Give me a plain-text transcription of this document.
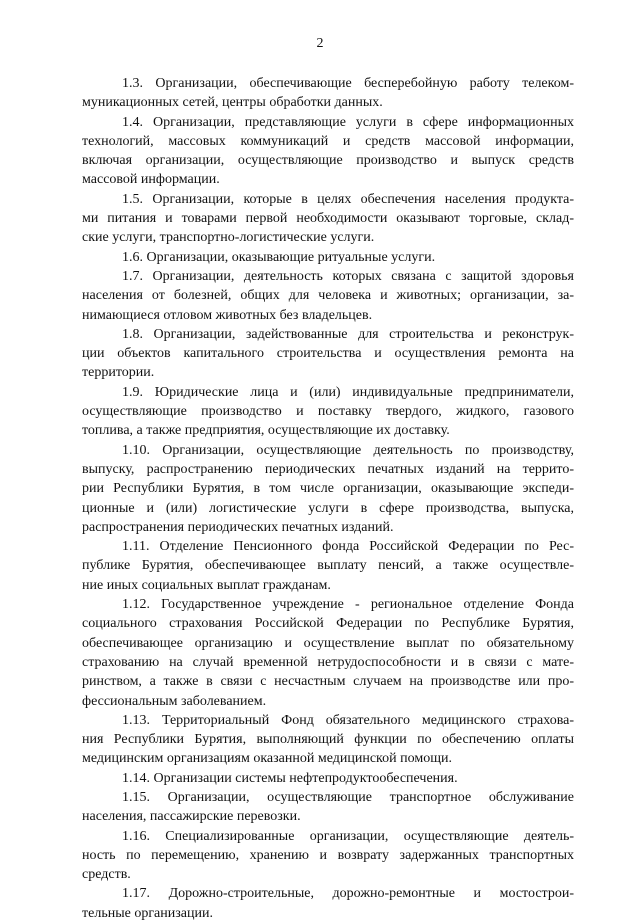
2
1.3. Организации, обеспечивающие бесперебойную работу телеком-
муникационных сетей, центры обработки данных.
1.4. Организации, представляющие услуги в сфере информационных
технологий, массовых коммуникаций и средств массовой информации,
включая организации, осуществляющие производство и выпуск средств
массовой информации.
1.5. Организации, которые в целях обеспечения населения продукта-
ми питания и товарами первой необходимости оказывают торговые, склад-
ские услуги, транспортно-логистические услуги.
1.6. Организации, оказывающие ритуальные услуги.
1.7. Организации, деятельность которых связана с защитой здоровья
населения от болезней, общих для человека и животных; организации, за-
нимающиеся отловом животных без владельцев.
1.8. Организации, задействованные для строительства и реконструк-
ции объектов капитального строительства и осуществления ремонта на
территории.
1.9. Юридические лица и (или) индивидуальные предприниматели,
осуществляющие производство и поставку твердого, жидкого, газового
топлива, а также предприятия, осуществляющие их доставку.
1.10. Организации, осуществляющие деятельность по производству,
выпуску, распространению периодических печатных изданий на террито-
рии Республики Бурятия, в том числе организации, оказывающие экспеди-
ционные и (или) логистические услуги в сфере производства, выпуска,
распространения периодических печатных изданий.
1.11. Отделение Пенсионного фонда Российской Федерации по Рес-
публике Бурятия, обеспечивающее выплату пенсий, а также осуществле-
ние иных социальных выплат гражданам.
1.12. Государственное учреждение - региональное отделение Фонда
социального страхования Российской Федерации по Республике Бурятия,
обеспечивающее организацию и осуществление выплат по обязательному
страхованию на случай временной нетрудоспособности и в связи с мате-
ринством, а также в связи с несчастным случаем на производстве или про-
фессиональным заболеванием.
1.13. Территориальный Фонд обязательного медицинского страхова-
ния Республики Бурятия, выполняющий функции по обеспечению оплаты
медицинским организациям оказанной медицинской помощи.
1.14. Организации системы нефтепродуктообеспечения.
1.15. Организации, осуществляющие транспортное обслуживание
населения, пассажирские перевозки.
1.16. Специализированные организации, осуществляющие деятель-
ность по перемещению, хранению и возврату задержанных транспортных
средств.
1.17. Дорожно-строительные, дорожно-ремонтные и мостострои-
тельные организации.
